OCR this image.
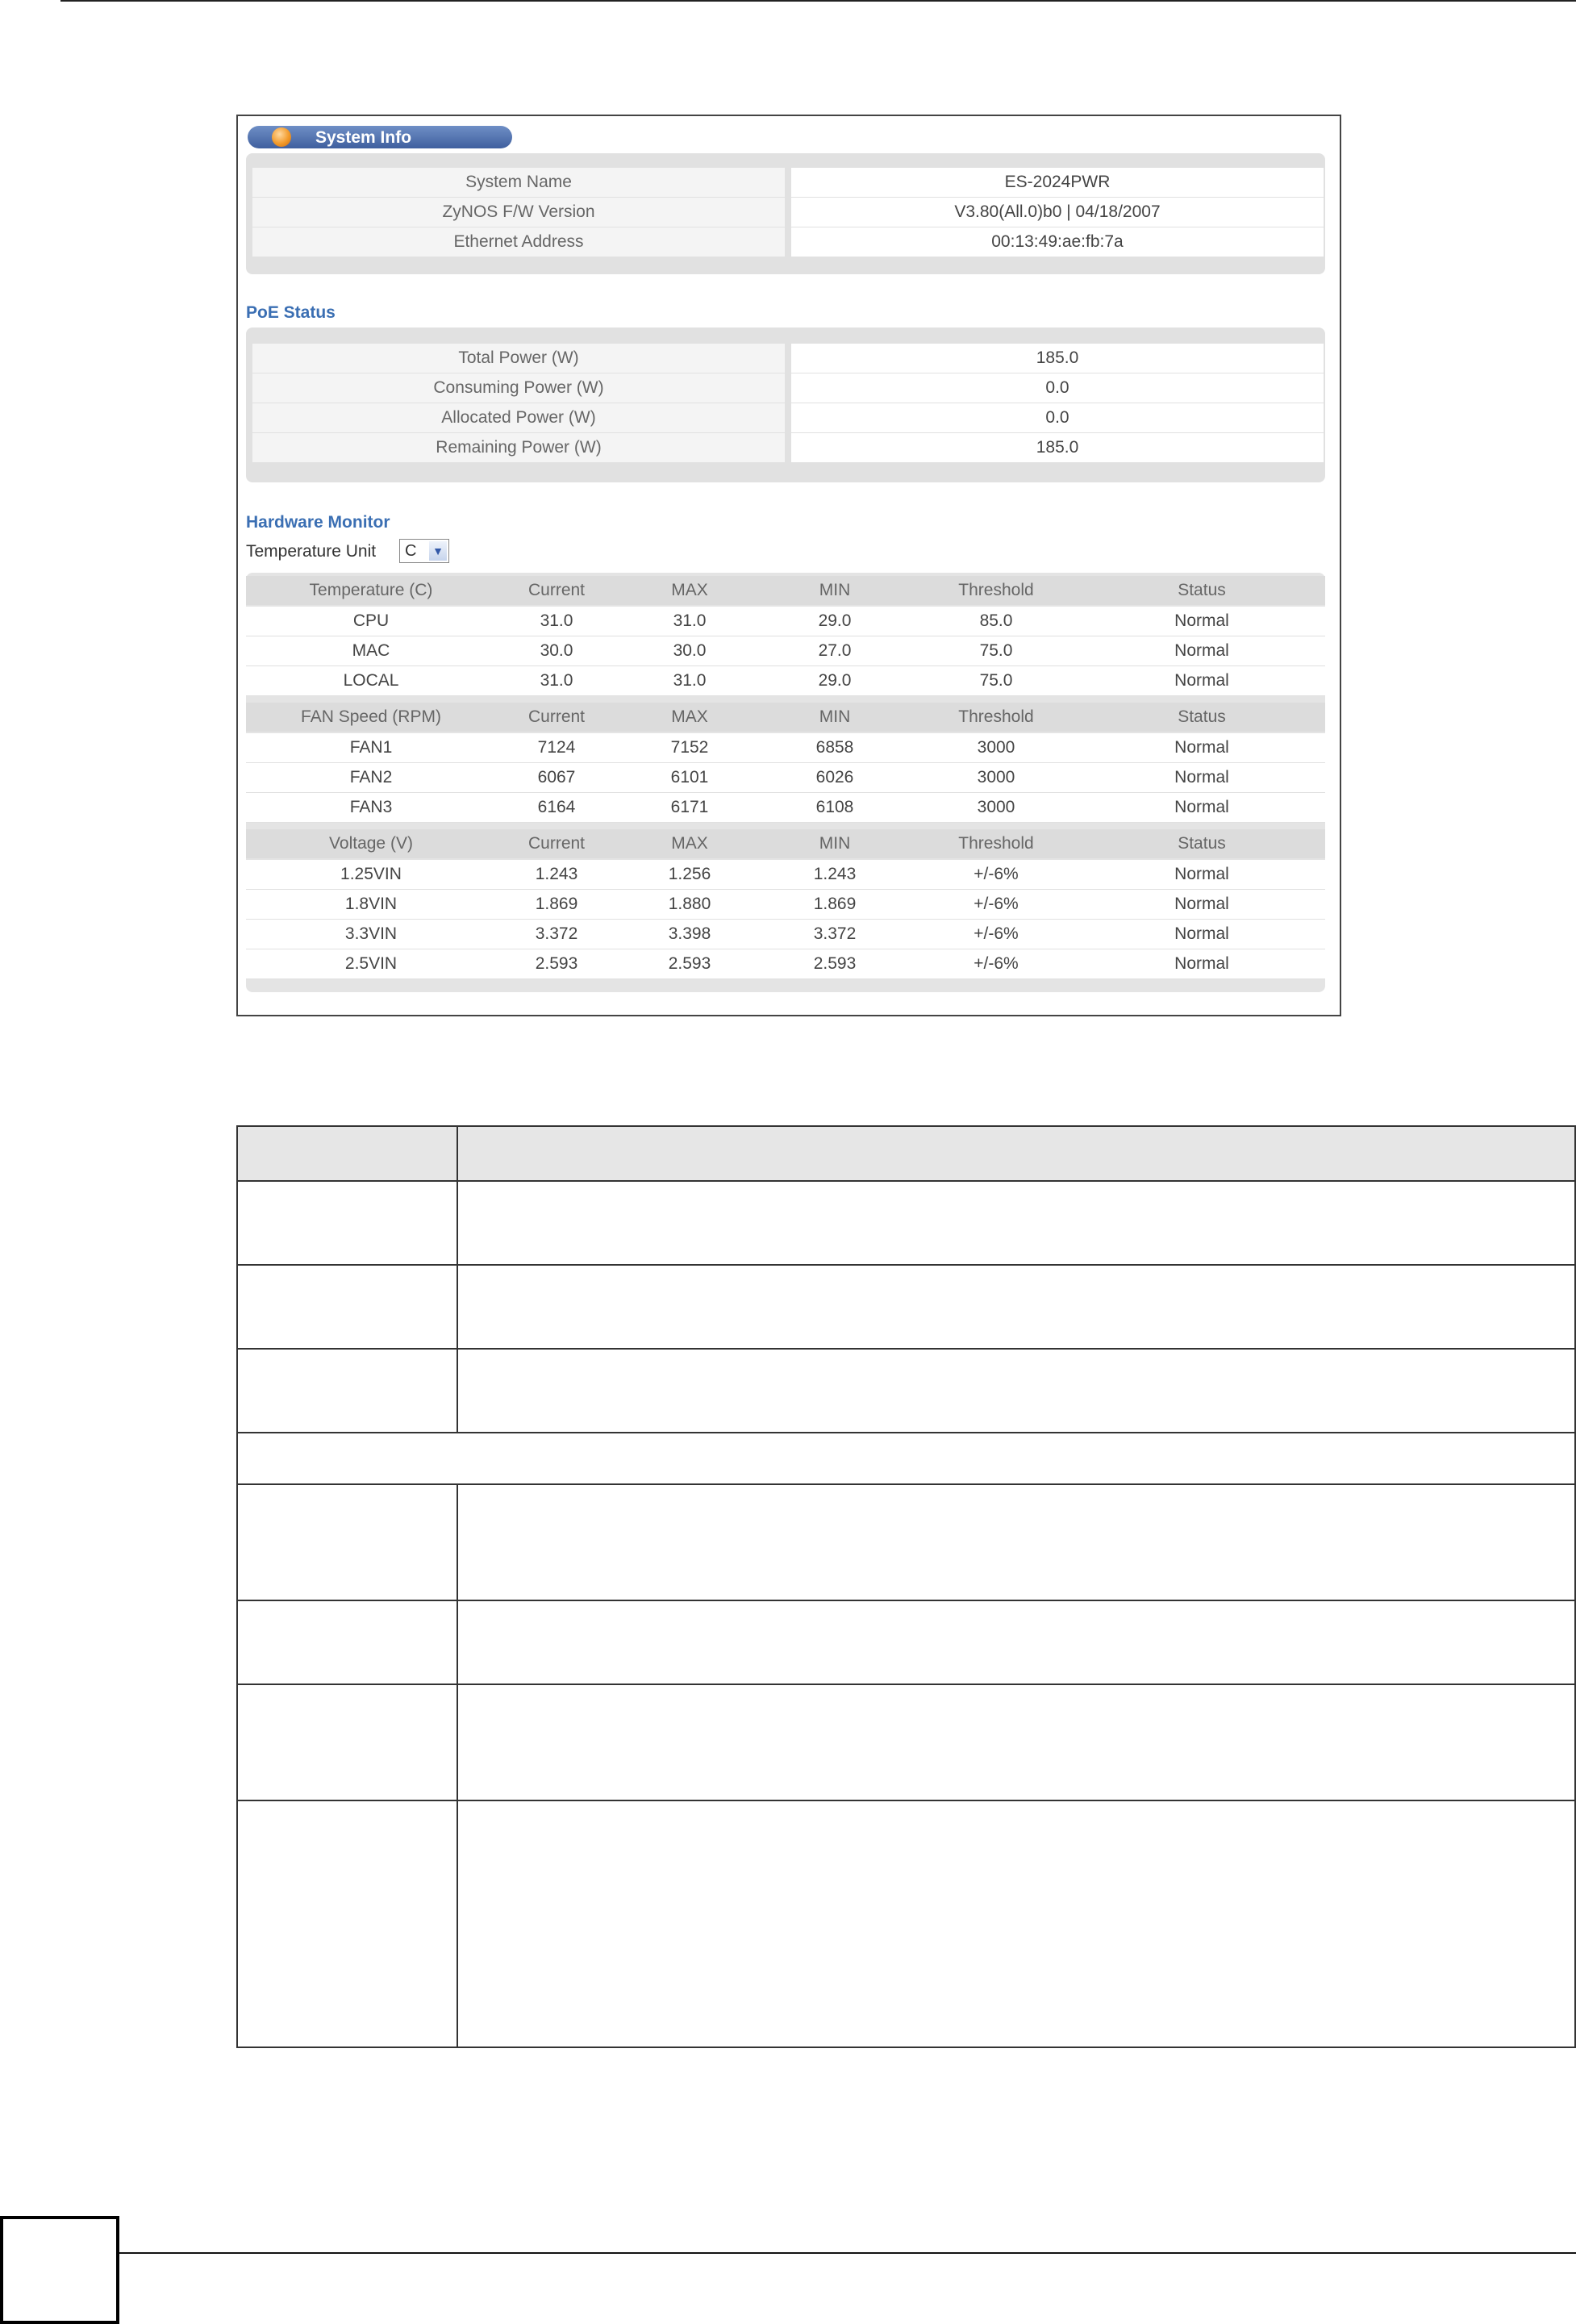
System Info
System Name	ES-2024PWR
ZyNOS F/W Version	V3.80(All.0)b0 | 04/18/2007
Ethernet Address	00:13:49:ae:fb:7a
PoE Status
Total Power (W)	185.0
Consuming Power (W)	0.0
Allocated Power (W)	0.0
Remaining Power (W)	185.0
Hardware Monitor
Temperature Unit C ▼
Temperature (C)	Current	MAX	MIN	Threshold	Status
CPU	31.0	31.0	29.0	85.0	Normal
MAC	30.0	30.0	27.0	75.0	Normal
LOCAL	31.0	31.0	29.0	75.0	Normal
FAN Speed (RPM)	Current	MAX	MIN	Threshold	Status
FAN1	7124	7152	6858	3000	Normal
FAN2	6067	6101	6026	3000	Normal
FAN3	6164	6171	6108	3000	Normal
Voltage (V)	Current	MAX	MIN	Threshold	Status
1.25VIN	1.243	1.256	1.243	+/-6%	Normal
1.8VIN	1.869	1.880	1.869	+/-6%	Normal
3.3VIN	3.372	3.398	3.372	+/-6%	Normal
2.5VIN	2.593	2.593	2.593	+/-6%	Normal
